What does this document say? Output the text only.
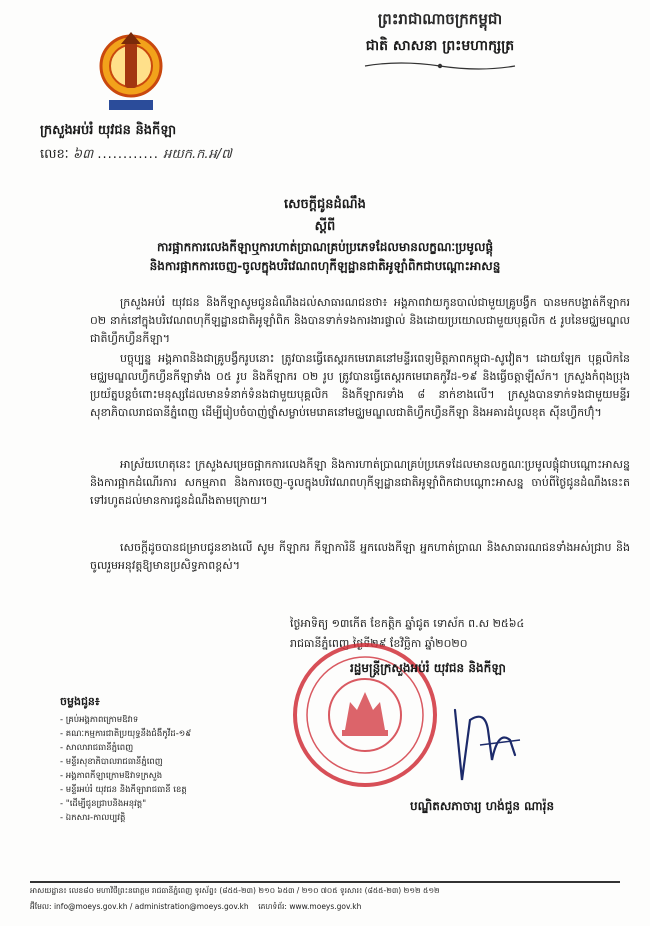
ព្រះរាជាណាចក្រកម្ពុជា
ជាតិ សាសនា ព្រះមហាក្សត្រ
ក្រសួងអប់រំ យុវជន និងកីឡា
លេខៈ ៦៣ ............ អយក.ក.អ/៧
សេចក្តីជូនដំណឹង
ស្តីពី
ការផ្អាកការលេងកីឡាឬការហាត់ប្រាណគ្រប់ប្រភេទដែលមានលក្ខណៈប្រមូលផ្តុំ
និងការផ្អាកការចេញ-ចូលក្នុងបរិវេណពហុកីឡដ្ឋានជាតិអូឡាំពិកជាបណ្តោះអាសន្ន
ក្រសួងអប់រំ យុវជន និងកីឡាសូមជូនដំណឹងដល់សាធារណជនថា៖ អង្គភាពវាយកូនបាល់ជាមួយគ្រូបង្វឹក បានមកបង្ហាត់កីឡាករ ០២ នាក់នៅក្នុងបរិវេណពហុកីឡដ្ឋានជាតិអូឡាំពិក និងបានទាក់ទងការងារផ្ទាល់ និងដោយប្រយោលជាមួយបុគ្គលិក ៥ រូបនៃមជ្ឈមណ្ឌលជាតិហ្វឹកហ្វឺនកីឡា។
បច្ចុប្បន្ន អង្គភាពនិងជាគ្រូបង្វឹករូបនោះ ត្រូវបានធ្វើតេស្តរកមេរោគនៅមន្ទីរពេទ្យមិត្តភាពកម្ពុជា-សូវៀត។ ដោយឡែក បុគ្គលិកនៃមជ្ឈមណ្ឌលហ្វឹកហ្វឺនកីឡាទាំង ០៥ រូប និងកីឡាករ ០២ រូប ត្រូវបានធ្វើតេស្តរកមេរោគកូវីដ-១៩ និងធ្វើចត្តាឡីស័ក។ ក្រសួងកំពុងប្រុងប្រយ័ត្នបន្តចំពោះមនុស្សដែលមានទំនាក់ទំនងជាមួយបុគ្គលិក និងកីឡាករទាំង ៨ នាក់ខាងលើ។ ក្រសួងបានទាក់ទងជាមួយមន្ទីរសុខាភិបាលរាជធានីភ្នំពេញ ដើម្បីរៀបចំបាញ់ថ្នាំសម្លាប់មេរោគនៅមជ្ឈមណ្ឌលជាតិហ្វឹកហ្វឺនកីឡា និងអគារដំបូលខុត ស៊ីនហ្វឹកហ៊ុំ។
អាស្រ័យហេតុនេះ ក្រសួងសម្រេចផ្អាកការលេងកីឡា និងការហាត់ប្រាណគ្រប់ប្រភេទដែលមានលក្ខណៈប្រមូលផ្តុំជាបណ្តោះអាសន្ន និងការផ្អាកដំណើរការ សកម្មភាព និងការចេញ-ចូលក្នុងបរិវេណពហុកីឡដ្ឋានជាតិអូឡាំពិកជាបណ្តោះអាសន្ន ចាប់ពីថ្ងៃជូនដំណឹងនេះតទៅរហូតដល់មានការជូនដំណឹងតាមក្រោយ។
សេចក្តីដូចបានជម្រាបជូនខាងលើ សូម កីឡាករ កីឡាការិនី អ្នកលេងកីឡា អ្នកហាត់ប្រាណ និងសាធារណជនទាំងអស់ជ្រាប និងចូលរួមអនុវត្តឱ្យមានប្រសិទ្ធភាពខ្ពស់។
ថ្ងៃអាទិត្យ ១៣កើត ខែកត្តិក ឆ្នាំជូត ទោស័ក ព.ស ២៥៦៤
រាជធានីភ្នំពេញ ថ្ងៃទី២៩ ខែវិច្ឆិកា ឆ្នាំ២០២០
រដ្ឋមន្ត្រីក្រសួងអប់រំ យុវជន និងកីឡា
បណ្ឌិតសភាចារ្យ ហង់ជួន ណារ៉ុន
ចម្លងជូន៖
- គ្រប់អង្គភាពក្រោមឱវាទ
- គណៈកម្មការជាតិប្រយុទ្ធនឹងជំងឺកូវីដ-១៩
- សាលារាជធានីភ្នំពេញ
- មន្ទីរសុខាភិបាលរាជធានីភ្នំពេញ
- អង្គភាពកីឡាក្រោមឱវាទក្រសួង
- មន្ទីរអប់រំ យុវជន និងកីឡារាជធានី ខេត្ត
- "ដើម្បីជូនជ្រាបនិងអនុវត្ត"
- ឯកសារ-កាលប្បវត្តិ
អាសយដ្ឋាន៖ លេខ៨០ មហាវិថីព្រះនរោត្តម រាជធានីភ្នំពេញ ទូរស័ព្ទ៖ (៨៥៥-២៣) ២១០ ៦៥៣ / ២១០ ៧០៥ ទូរសារ៖ (៨៥៥-២៣) ២១២ ៥១២
អ៊ីមែល: info@moeys.gov.kh / administration@moeys.gov.kh គេហទំព័រ: www.moeys.gov.kh
